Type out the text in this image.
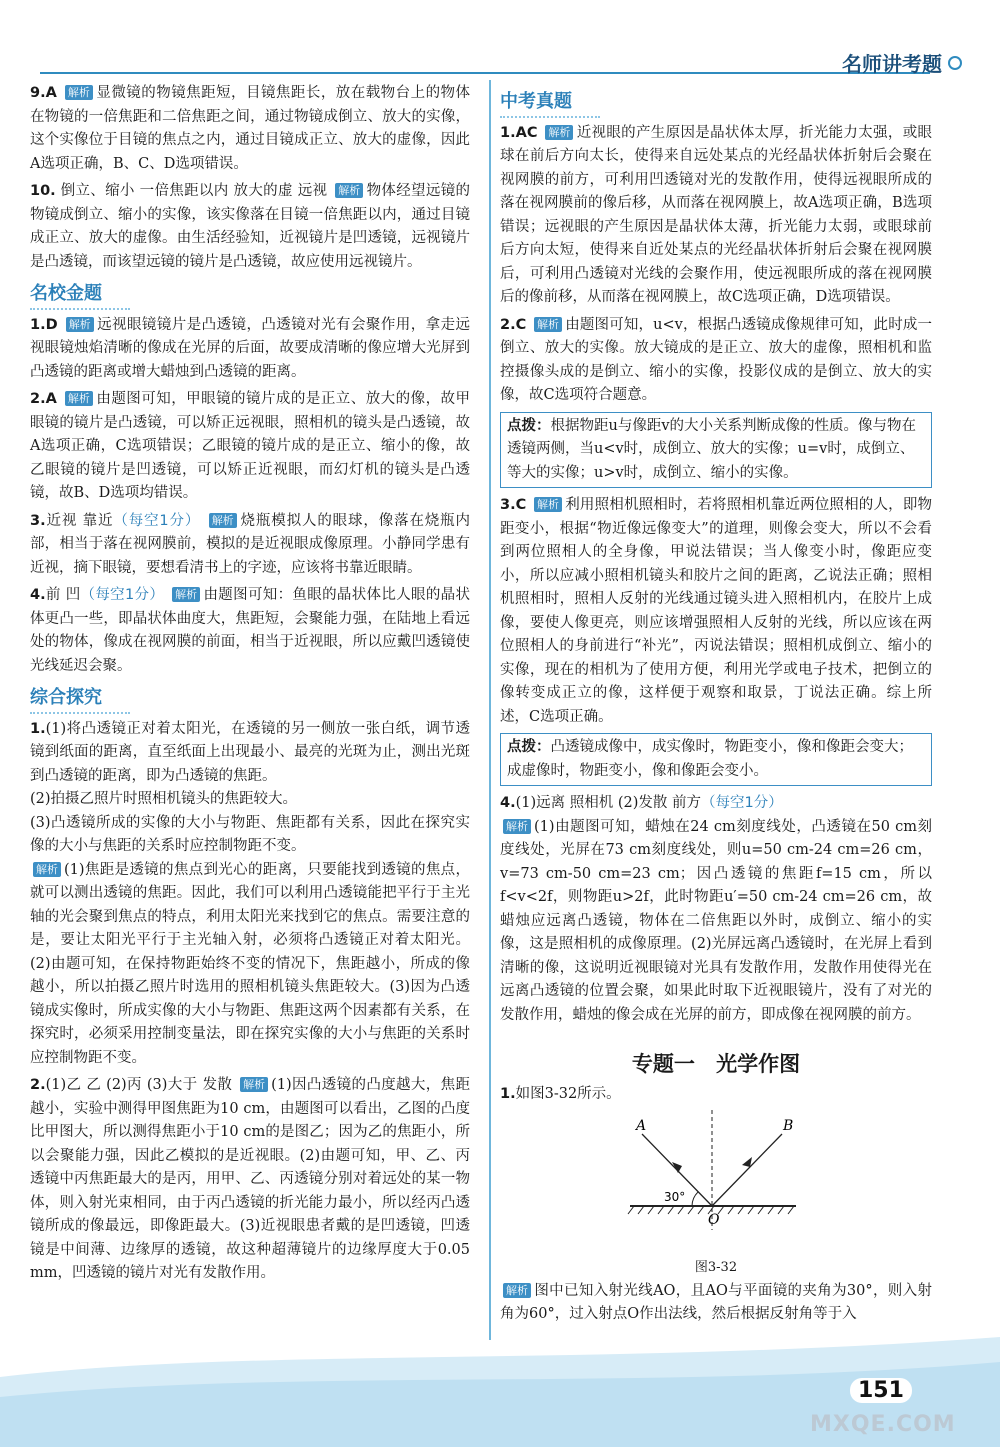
名师讲考题

9.A 解析 显微镜的物镜焦距短，目镜焦距长，放在载物台上的物体在物镜的一倍焦距和二倍焦距之间，通过物镜成倒立、放大的实像，这个实像位于目镜的焦点之内，通过目镜成正立、放大的虚像，因此A选项正确，B、C、D选项错误。

10. 倒立、缩小 一倍焦距以内 放大的虚 远视 解析 物体经望远镜的物镜成倒立、缩小的实像，该实像落在目镜一倍焦距以内，通过目镜成正立、放大的虚像。由生活经验知，近视镜片是凹透镜，远视镜片是凸透镜，而该望远镜的镜片是凸透镜，故应使用远视镜片。

名校金题

1.D 解析 远视眼镜镜片是凸透镜，凸透镜对光有会聚作用，拿走远视眼镜烛焰清晰的像成在光屏的后面，故要成清晰的像应增大光屏到凸透镜的距离或增大蜡烛到凸透镜的距离。

2.A 解析 由题图可知，甲眼镜的镜片成的是正立、放大的像，故甲眼镜的镜片是凸透镜，可以矫正远视眼，照相机的镜头是凸透镜，故A选项正确，C选项错误；乙眼镜的镜片成的是正立、缩小的像，故乙眼镜的镜片是凹透镜，可以矫正近视眼，而幻灯机的镜头是凸透镜，故B、D选项均错误。

3.近视 靠近（每空1分） 解析 烧瓶模拟人的眼球，像落在烧瓶内部，相当于落在视网膜前，模拟的是近视眼成像原理。小静同学患有近视，摘下眼镜，要想看清书上的字迹，应该将书靠近眼睛。

4.前 凹（每空1分） 解析 由题图可知：鱼眼的晶状体比人眼的晶状体更凸一些，即晶状体曲度大，焦距短，会聚能力强，在陆地上看远处的物体，像成在视网膜的前面，相当于近视眼，所以应戴凹透镜使光线延迟会聚。

综合探究
1.(1)将凸透镜正对着太阳光，在透镜的另一侧放一张白纸，调节透镜到纸面的距离，直至纸面上出现最小、最亮的光斑为止，测出光斑到凸透镜的距离，即为凸透镜的焦距。
(2)拍摄乙照片时照相机镜头的焦距较大。
(3)凸透镜所成的实像的大小与物距、焦距都有关系，因此在探究实像的大小与焦距的关系时应控制物距不变。
解析 (1)焦距是透镜的焦点到光心的距离，只要能找到透镜的焦点，就可以测出透镜的焦距。因此，我们可以利用凸透镜能把平行于主光轴的光会聚到焦点的特点，利用太阳光来找到它的焦点。需要注意的是，要让太阳光平行于主光轴入射，必须将凸透镜正对着太阳光。(2)由题可知，在保持物距始终不变的情况下，焦距越小，所成的像越小，所以拍摄乙照片时选用的照相机镜头焦距较大。(3)因为凸透镜成实像时，所成实像的大小与物距、焦距这两个因素都有关系，在探究时，必须采用控制变量法，即在探究实像的大小与焦距的关系时应控制物距不变。

2.(1)乙 乙 (2)丙 (3)大于 发散 解析 (1)因凸透镜的凸度越大，焦距越小，实验中测得甲图焦距为10 cm，由题图可以看出，乙图的凸度比甲图大，所以测得焦距小于10 cm的是图乙；因为乙的焦距小，所以会聚能力强，因此乙模拟的是近视眼。(2)由题可知，甲、乙、丙透镜中丙焦距最大的是丙，用甲、乙、丙透镜分别对着远处的某一物体，则入射光束相同，由于丙凸透镜的折光能力最小，所以经丙凸透镜所成的像最远，即像距最大。(3)近视眼患者戴的是凹透镜，凹透镜是中间薄、边缘厚的透镜，故这种超薄镜片的边缘厚度大于0.05 mm，凹透镜的镜片对光有发散作用。

中考真题

1.AC 解析 近视眼的产生原因是晶状体太厚，折光能力太强，或眼球在前后方向太长，使得来自远处某点的光经晶状体折射后会聚在视网膜的前方，可利用凹透镜对光的发散作用，使得远视眼所成的落在视网膜前的像后移，从而落在视网膜上，故A选项正确，B选项错误；远视眼的产生原因是晶状体太薄，折光能力太弱，或眼球前后方向太短，使得来自近处某点的光经晶状体折射后会聚在视网膜后，可利用凸透镜对光线的会聚作用，使远视眼所成的落在视网膜后的像前移，从而落在视网膜上，故C选项正确，D选项错误。

2.C 解析 由题图可知，u<v，根据凸透镜成像规律可知，此时成一倒立、放大的实像。放大镜成的是正立、放大的虚像，照相机和监控摄像头成的是倒立、缩小的实像，投影仪成的是倒立、放大的实像，故C选项符合题意。

点拨：根据物距u与像距v的大小关系判断成像的性质。像与物在透镜两侧，当u<v时，成倒立、放大的实像；u=v时，成倒立、等大的实像；u>v时，成倒立、缩小的实像。

3.C 解析 利用照相机照相时，若将照相机靠近两位照相的人，即物距变小，根据“物近像远像变大”的道理，则像会变大，所以不会看到两位照相人的全身像，甲说法错误；当人像变小时，像距应变小，所以应减小照相机镜头和胶片之间的距离，乙说法正确；照相机照相时，照相人反射的光线通过镜头进入照相机内，在胶片上成像，要使人像更亮，则应该增强照相人反射的光线，所以应该在两位照相人的身前进行“补光”，丙说法错误；照相机成倒立、缩小的实像，现在的相机为了使用方便，利用光学或电子技术，把倒立的像转变成正立的像，这样便于观察和取景，丁说法正确。综上所述，C选项正确。

点拨：凸透镜成像中，成实像时，物距变小，像和像距会变大；成虚像时，物距变小，像和像距会变小。
4.(1)远离 照相机 (2)发散 前方（每空1分）
解析 (1)由题图可知，蜡烛在24 cm刻度线处，凸透镜在50 cm刻度线处，光屏在73 cm刻度线处，则u=50 cm-24 cm=26 cm，v=73 cm-50 cm=23 cm；因凸透镜的焦距f=15 cm，所以f<v<2f，则物距u>2f，此时物距u′=50 cm-24 cm=26 cm，故蜡烛应远离凸透镜，物体在二倍焦距以外时，成倒立、缩小的实像，这是照相机的成像原理。(2)光屏远离凸透镜时，在光屏上看到清晰的像，这说明近视眼镜对光具有发散作用，发散作用使得光在远离凸透镜的位置会聚，如果此时取下近视眼镜片，没有了对光的发散作用，蜡烛的像会成在光屏的前方，即成像在视网膜的前方。
专题一 光学作图

1.如图3-32所示。

A	B
O
30°
图3-32

解析 图中已知入射光线AO，且AO与平面镜的夹角为30°，则入射角为60°，过入射点O作出法线，然后根据反射角等于入

151
MXQE.COM
